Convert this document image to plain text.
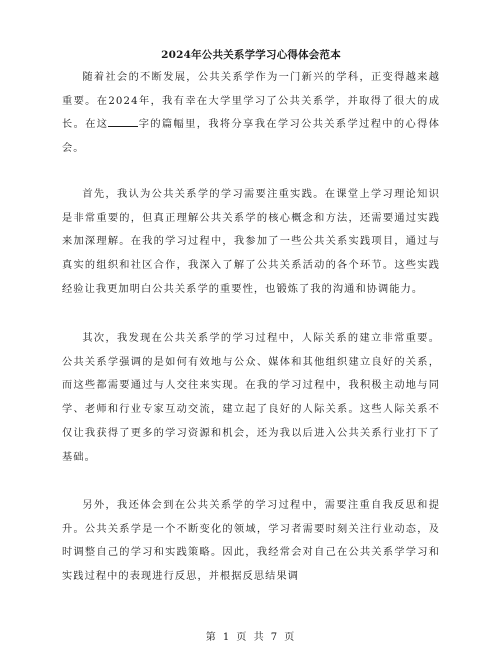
2024年公共关系学学习心得体会范本

随着社会的不断发展，公共关系学作为一门新兴的学科，正变得越来越重要。在2024年，我有幸在大学里学习了公共关系学，并取得了很大的成长。在这	字的篇幅里，我将分享我在学习公共关系学过程中的心得体会。

首先，我认为公共关系学的学习需要注重实践。在课堂上学习理论知识是非常重要的，但真正理解公共关系学的核心概念和方法，还需要通过实践来加深理解。在我的学习过程中，我参加了一些公共关系实践项目，通过与真实的组织和社区合作，我深入了解了公共关系活动的各个环节。这些实践经验让我更加明白公共关系学的重要性，也锻炼了我的沟通和协调能力。

其次，我发现在公共关系学的学习过程中，人际关系的建立非常重要。公共关系学强调的是如何有效地与公众、媒体和其他组织建立良好的关系，而这些都需要通过与人交往来实现。在我的学习过程中，我积极主动地与同学、老师和行业专家互动交流，建立起了良好的人际关系。这些人际关系不仅让我获得了更多的学习资源和机会，还为我以后进入公共关系行业打下了基础。

另外，我还体会到在公共关系学的学习过程中，需要注重自我反思和提升。公共关系学是一个不断变化的领域，学习者需要时刻关注行业动态，及时调整自己的学习和实践策略。因此，我经常会对自己在公共关系学学习和实践过程中的表现进行反思，并根据反思结果调

第 1 页 共 7 页
